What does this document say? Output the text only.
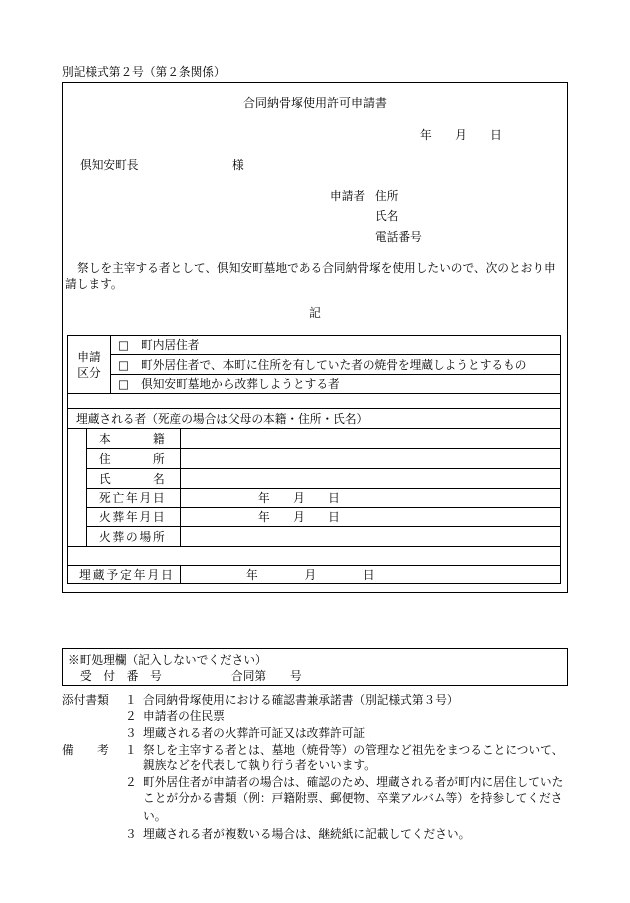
別記様式第２号（第２条関係）
合同納骨塚使用許可申請書
年　　月　　日
倶知安町長	様
申請者 住所
氏名
電話番号
祭しを主宰する者として、倶知安町墓地である合同納骨塚を使用したいので、次のとおり申
請します。
記
申請
区分
□ 町内居住者
□ 町外居住者で、本町に住所を有していた者の焼骨を埋蔵しようとするもの
□ 倶知安町墓地から改葬しようとする者
埋蔵される者（死産の場合は父母の本籍・住所・氏名）
本　　　籍
住　　　所
氏　　　名
死亡年月日	年　　月　　日
火葬年月日	年　　月　　日
火葬の場所
埋蔵予定年月日	年　　　　月　　　　日
※町処理欄（記入しないでください）
受　付　番　号	合同第 号
添付書類 １ 合同納骨塚使用における確認書兼承諾書（別記様式第３号）
２ 申請者の住民票
３ 埋蔵される者の火葬許可証又は改葬許可証
備　　考 １ 祭しを主宰する者とは、墓地（焼骨等）の管理など祖先をまつることについて、
親族などを代表して執り行う者をいいます。
２ 町外居住者が申請者の場合は、確認のため、埋蔵される者が町内に居住していた
ことが分かる書類（例：戸籍附票、郵便物、卒業アルバム等）を持参してくださ
い。
３ 埋蔵される者が複数いる場合は、継続紙に記載してください。
